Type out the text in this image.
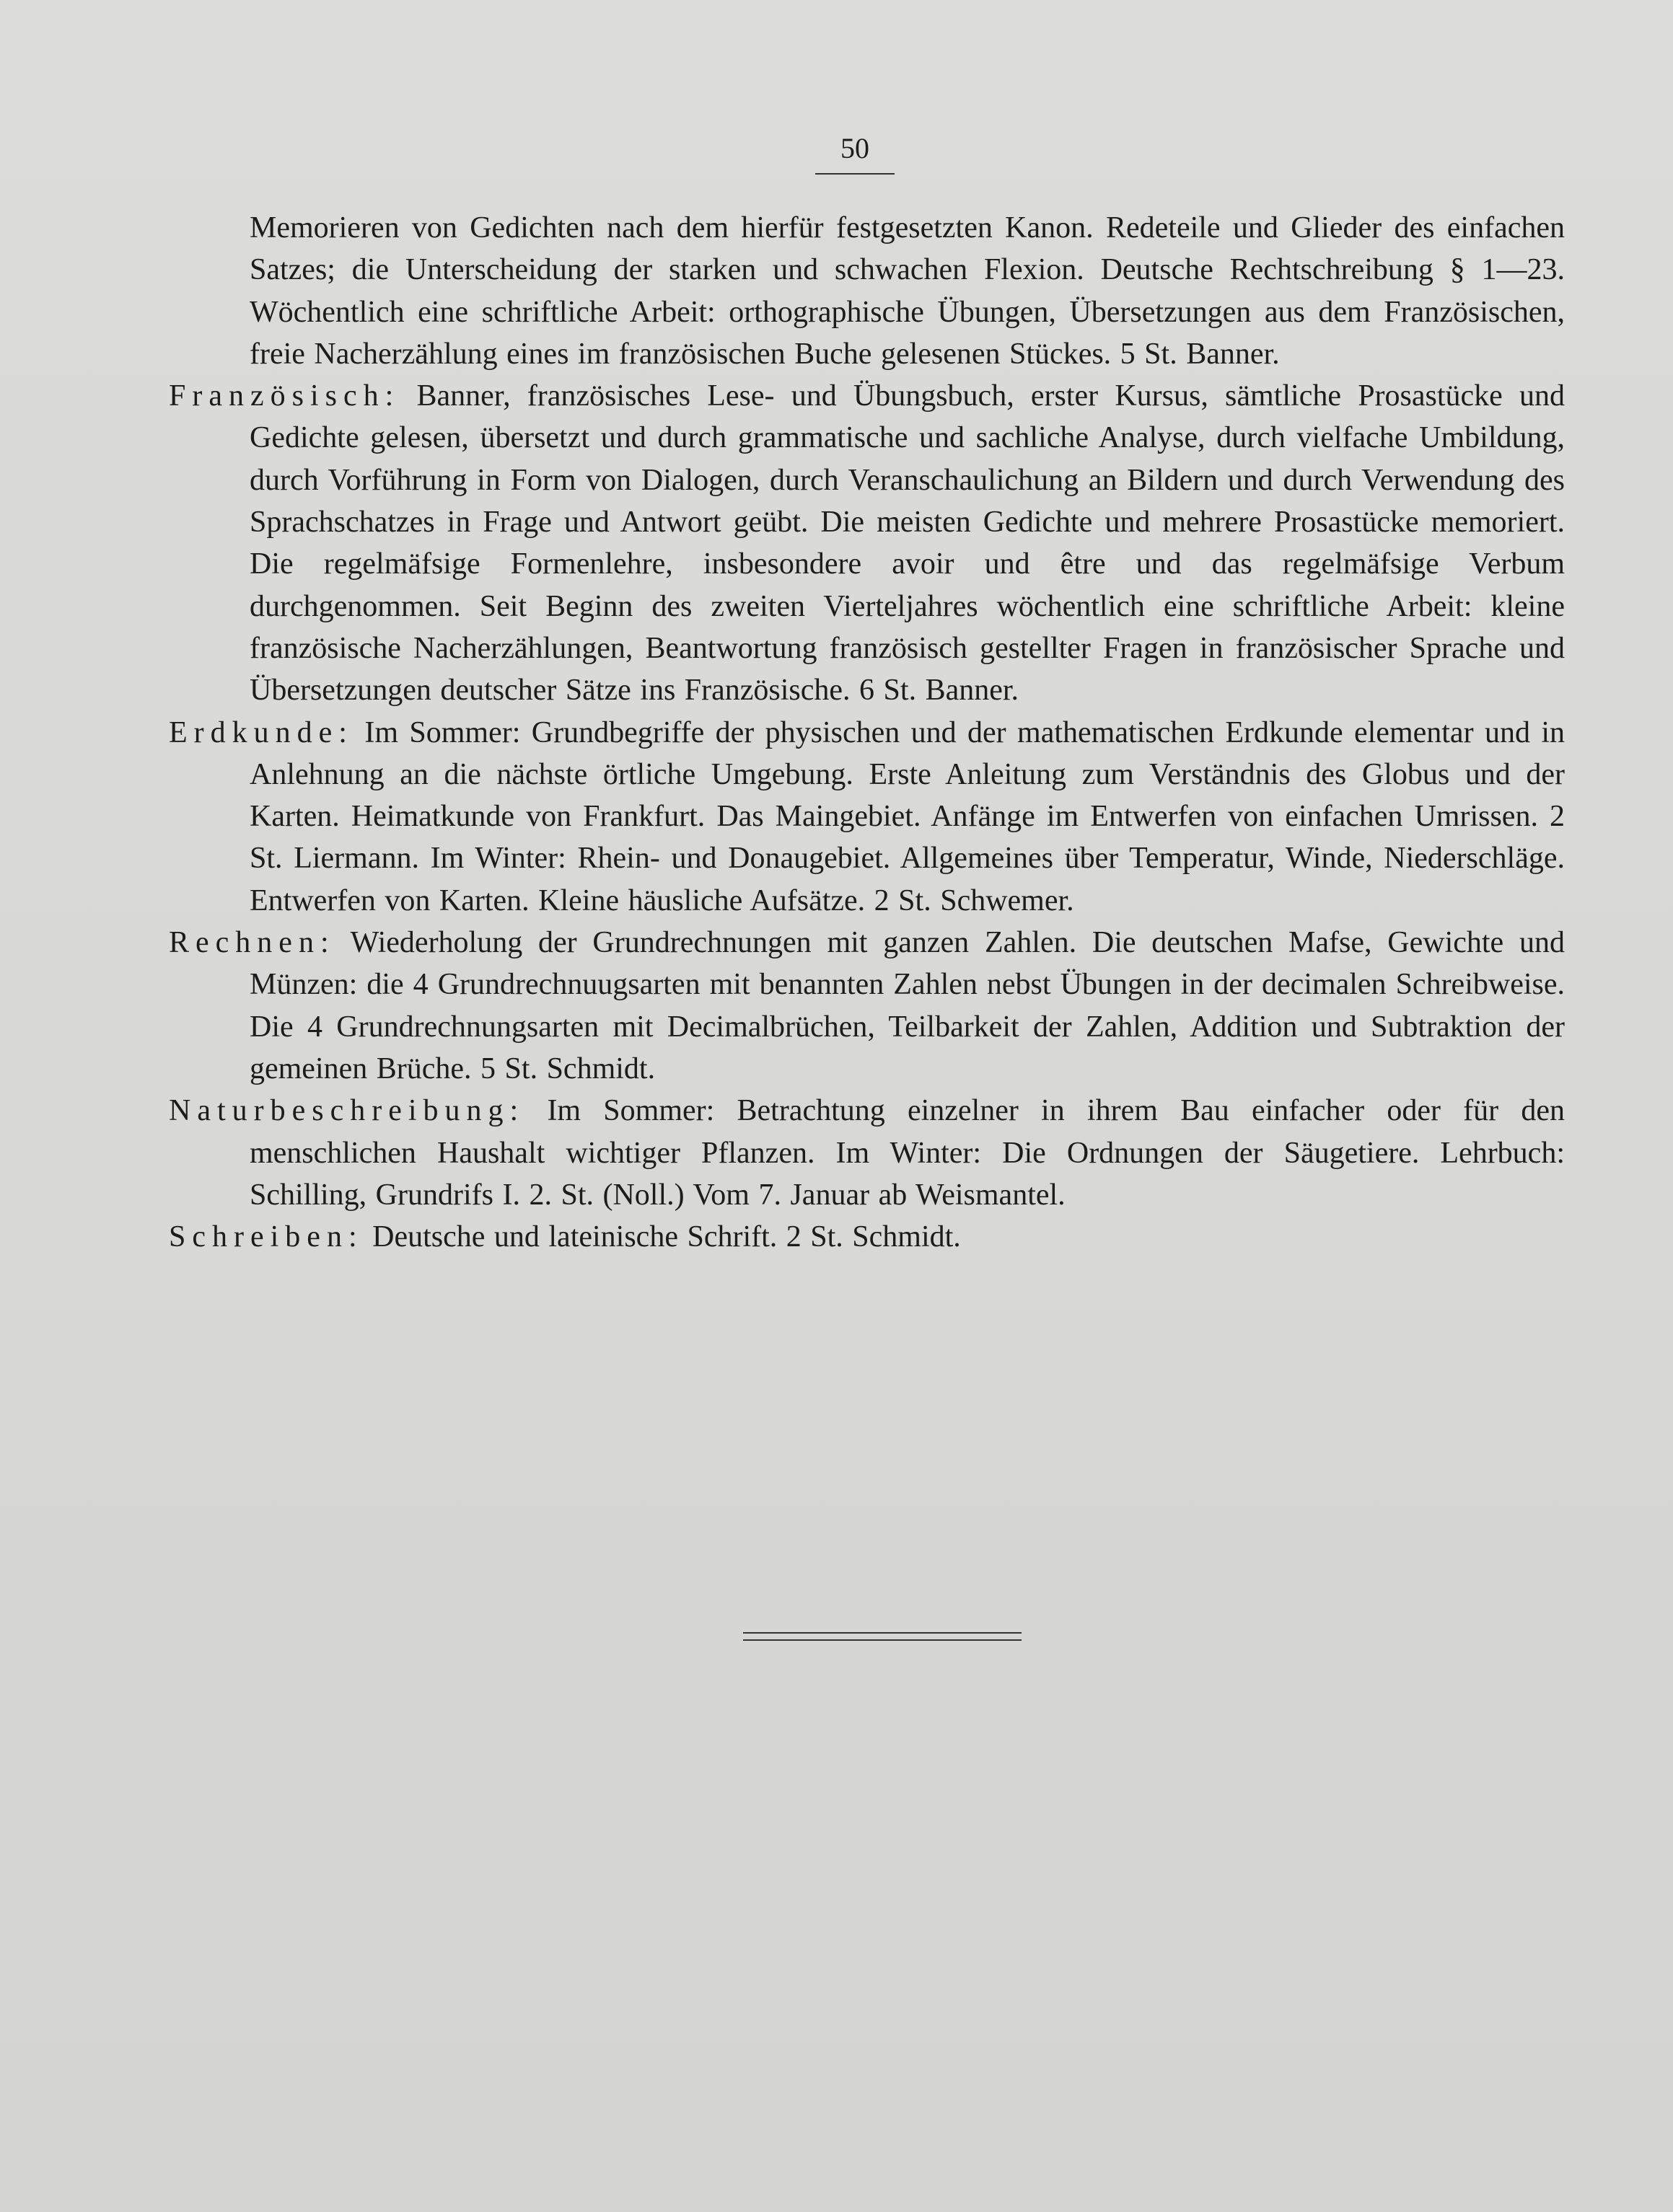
50

Memorieren von Gedichten nach dem hierfür festgesetzten Kanon. Redeteile und Glieder des einfachen Satzes; die Unterscheidung der starken und schwachen Flexion. Deutsche Rechtschreibung § 1—23. Wöchentlich eine schriftliche Arbeit: orthographische Übungen, Übersetzungen aus dem Französischen, freie Nacherzählung eines im französischen Buche gelesenen Stückes. 5 St. Banner.

Französisch: Banner, französisches Lese- und Übungsbuch, erster Kursus, sämtliche Prosastücke und Gedichte gelesen, übersetzt und durch grammatische und sachliche Analyse, durch vielfache Umbildung, durch Vorführung in Form von Dialogen, durch Veranschaulichung an Bildern und durch Verwendung des Sprachschatzes in Frage und Antwort geübt. Die meisten Gedichte und mehrere Prosastücke memoriert. Die regelmäfsige Formenlehre, insbesondere avoir und être und das regelmäfsige Verbum durchgenommen. Seit Beginn des zweiten Vierteljahres wöchentlich eine schriftliche Arbeit: kleine französische Nacherzählungen, Beantwortung französisch gestellter Fragen in französischer Sprache und Übersetzungen deutscher Sätze ins Französische. 6 St. Banner.

Erdkunde: Im Sommer: Grundbegriffe der physischen und der mathematischen Erdkunde elementar und in Anlehnung an die nächste örtliche Umgebung. Erste Anleitung zum Verständnis des Globus und der Karten. Heimatkunde von Frankfurt. Das Maingebiet. Anfänge im Entwerfen von einfachen Umrissen. 2 St. Liermann. Im Winter: Rhein- und Donaugebiet. Allgemeines über Temperatur, Winde, Niederschläge. Entwerfen von Karten. Kleine häusliche Aufsätze. 2 St. Schwemer.

Rechnen: Wiederholung der Grundrechnungen mit ganzen Zahlen. Die deutschen Mafse, Gewichte und Münzen: die 4 Grundrechnuugsarten mit benannten Zahlen nebst Übungen in der decimalen Schreibweise. Die 4 Grundrechnungsarten mit Decimalbrüchen, Teilbarkeit der Zahlen, Addition und Subtraktion der gemeinen Brüche. 5 St. Schmidt.

Naturbeschreibung: Im Sommer: Betrachtung einzelner in ihrem Bau einfacher oder für den menschlichen Haushalt wichtiger Pflanzen. Im Winter: Die Ordnungen der Säugetiere. Lehrbuch: Schilling, Grundrifs I. 2. St. (Noll.) Vom 7. Januar ab Weismantel.

Schreiben: Deutsche und lateinische Schrift. 2 St. Schmidt.
